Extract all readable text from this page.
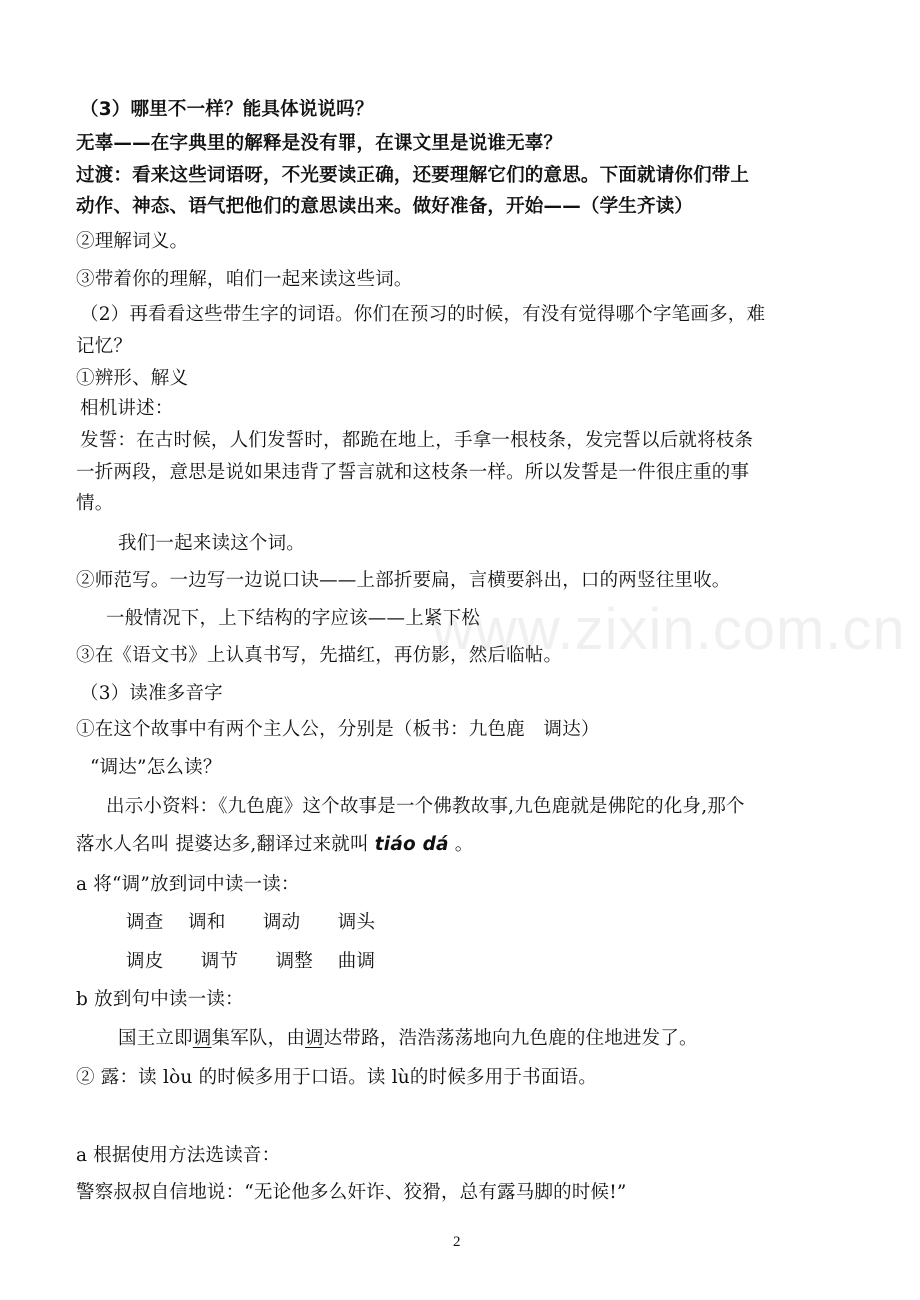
www.zixin.com.cn
（3）哪里不一样？能具体说说吗？
无辜——在字典里的解释是没有罪，在课文里是说谁无辜？
过渡：看来这些词语呀，不光要读正确，还要理解它们的意思。下面就请你们带上
动作、神态、语气把他们的意思读出来。做好准备，开始——（学生齐读）
②理解词义。
③带着你的理解，咱们一起来读这些词。
（2）再看看这些带生字的词语。你们在预习的时候，有没有觉得哪个字笔画多，难
记忆？
①辨形、解义
相机讲述：
发誓：在古时候，人们发誓时，都跪在地上，手拿一根枝条，发完誓以后就将枝条
一折两段，意思是说如果违背了誓言就和这枝条一样。所以发誓是一件很庄重的事
情。
我们一起来读这个词。
②师范写。一边写一边说口诀——上部折要扁，言横要斜出，口的两竖往里收。
一般情况下，上下结构的字应该——上紧下松
③在《语文书》上认真书写，先描红，再仿影，然后临帖。
（3）读准多音字
①在这个故事中有两个主人公，分别是（板书：九色鹿　调达）
“调达”怎么读？
出示小资料：《九色鹿》这个故事是一个佛教故事,九色鹿就是佛陀的化身,那个
落水人名叫 提婆达多,翻译过来就叫 tiáo dá 。
a 将“调”放到词中读一读：
调查　 调和　　调动　　调头
调皮　　调节　　调整　 曲调
b 放到句中读一读：
国王立即调集军队，由调达带路，浩浩荡荡地向九色鹿的住地进发了。
② 露：读 lòu 的时候多用于口语。读 lù的时候多用于书面语。
a 根据使用方法选读音：
警察叔叔自信地说：“无论他多么奸诈、狡猾，总有露马脚的时候!”
2
